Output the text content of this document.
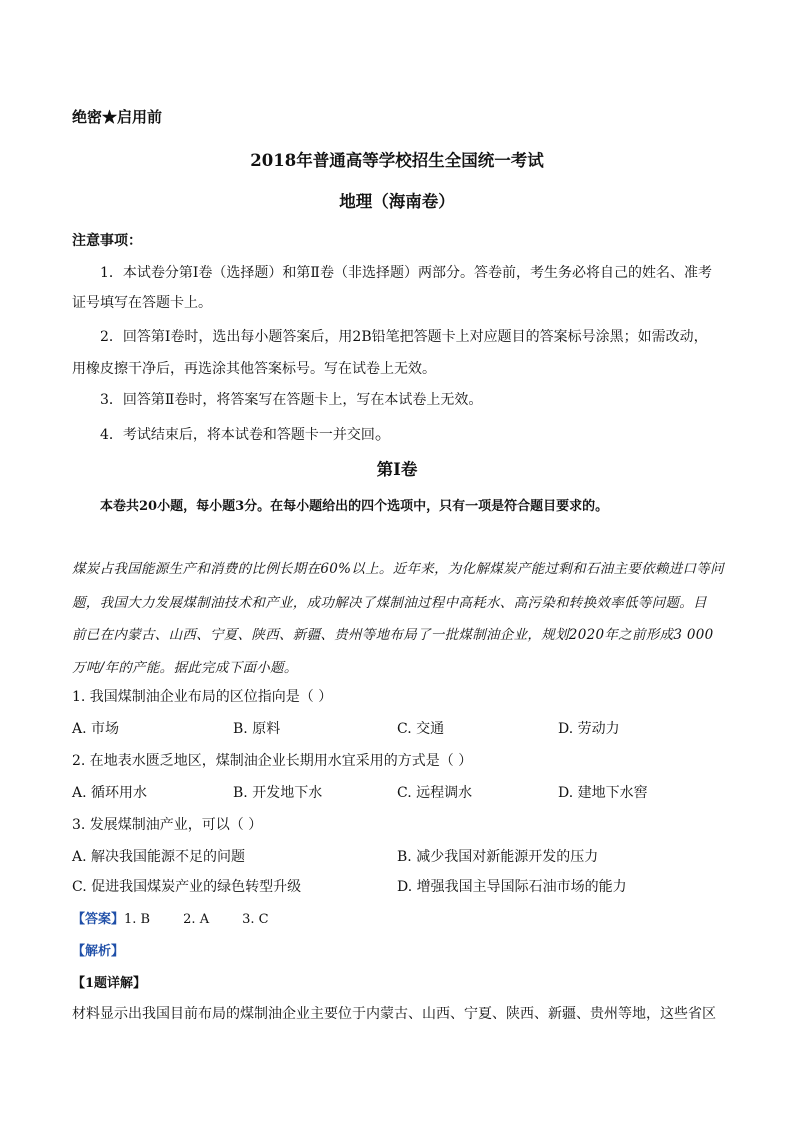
绝密★启用前
2018年普通高等学校招生全国统一考试
地理（海南卷）
注意事项：
1．本试卷分第Ⅰ卷（选择题）和第Ⅱ卷（非选择题）两部分。答卷前，考生务必将自己的姓名、准考
证号填写在答题卡上。
2．回答第Ⅰ卷时，选出每小题答案后，用2B铅笔把答题卡上对应题目的答案标号涂黑；如需改动，
用橡皮擦干净后，再选涂其他答案标号。写在试卷上无效。
3．回答第Ⅱ卷时，将答案写在答题卡上，写在本试卷上无效。
4．考试结束后，将本试卷和答题卡一并交回。
第Ⅰ卷
本卷共20小题，每小题3分。在每小题给出的四个选项中，只有一项是符合题目要求的。
煤炭占我国能源生产和消费的比例长期在60%以上。近年来，为化解煤炭产能过剩和石油主要依赖进口等问
题，我国大力发展煤制油技术和产业，成功解决了煤制油过程中高耗水、高污染和转换效率低等问题。目
前已在内蒙古、山西、宁夏、陕西、新疆、贵州等地布局了一批煤制油企业，规划2020年之前形成3 000
万吨/年的产能。据此完成下面小题。
1. 我国煤制油企业布局的区位指向是（ ）
A. 市场	B. 原料	C. 交通	D. 劳动力
2. 在地表水匮乏地区，煤制油企业长期用水宜采用的方式是（ ）
A. 循环用水	B. 开发地下水	C. 远程调水	D. 建地下水窖
3. 发展煤制油产业，可以（ ）
A. 解决我国能源不足的问题	B. 减少我国对新能源开发的压力
C. 促进我国煤炭产业的绿色转型升级	D. 增强我国主导国际石油市场的能力
【答案】1. B        2. A        3. C
【解析】
【1题详解】
材料显示出我国目前布局的煤制油企业主要位于内蒙古、山西、宁夏、陕西、新疆、贵州等地，这些省区
